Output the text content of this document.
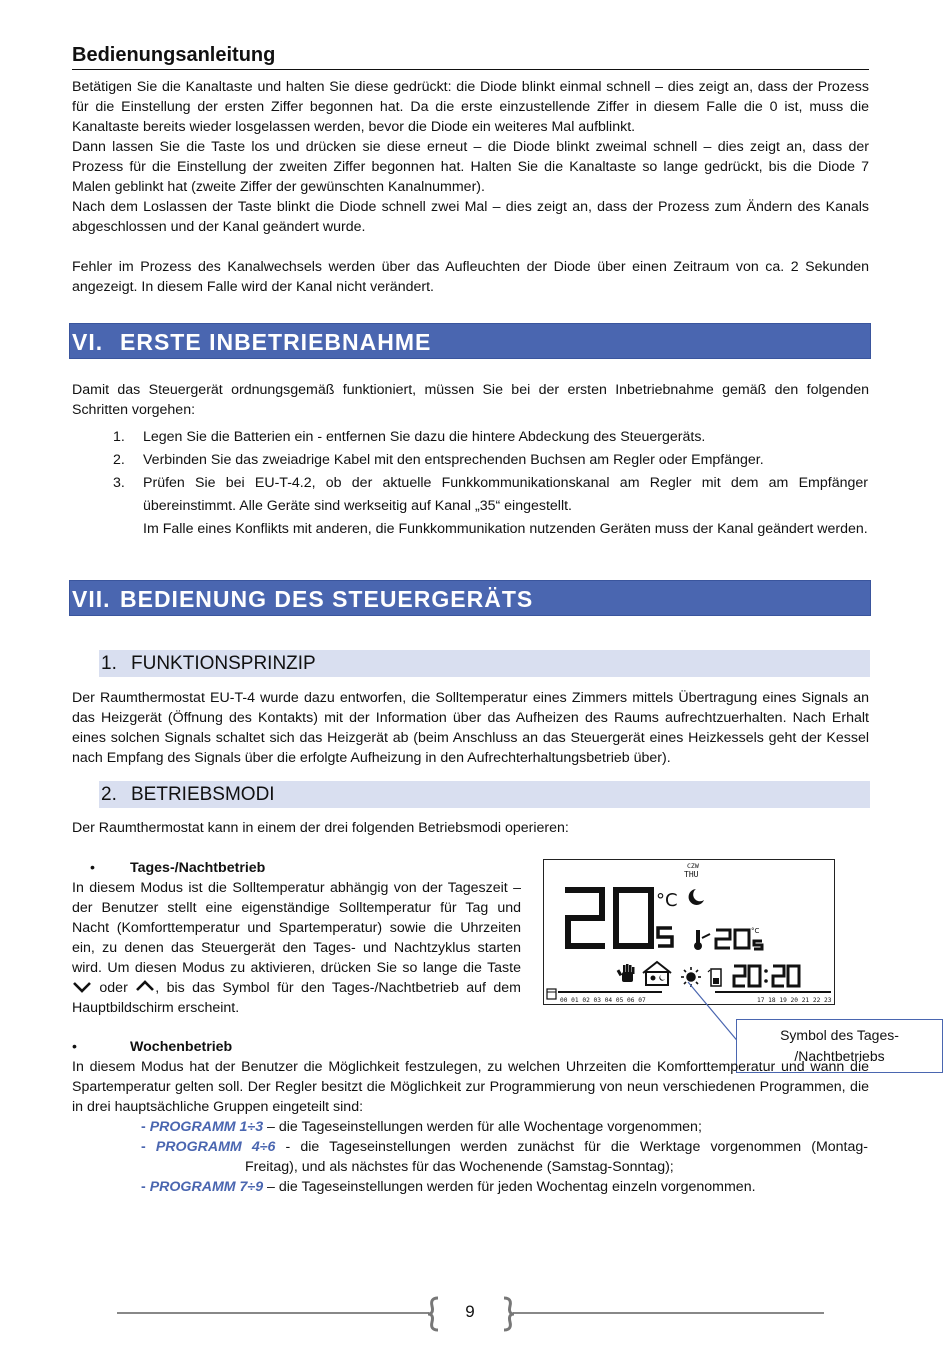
Bedienungsanleitung

Betätigen Sie die Kanaltaste und halten Sie diese gedrückt: die Diode blinkt einmal schnell – dies zeigt an, dass der Prozess für die Einstellung der ersten Ziffer begonnen hat. Da die erste einzustellende Ziffer in diesem Falle die 0 ist, muss die Kanaltaste bereits wieder losgelassen werden, bevor die Diode ein weiteres Mal aufblinkt.

Dann lassen Sie die Taste los und drücken sie diese erneut – die Diode blinkt zweimal schnell – dies zeigt an, dass der Prozess für die Einstellung der zweiten Ziffer begonnen hat. Halten Sie die Kanaltaste so lange gedrückt, bis die Diode 7 Malen geblinkt hat (zweite Ziffer der gewünschten Kanalnummer).

Nach dem Loslassen der Taste blinkt die Diode schnell zwei Mal – dies zeigt an, dass der Prozess zum Ändern des Kanals abgeschlossen und der Kanal geändert wurde.

Fehler im Prozess des Kanalwechsels werden über das Aufleuchten der Diode über einen Zeitraum von ca. 2 Sekunden angezeigt. In diesem Falle wird der Kanal nicht verändert.

VI. ERSTE INBETRIEBNAHME

Damit das Steuergerät ordnungsgemäß funktioniert, müssen Sie bei der ersten Inbetriebnahme gemäß den folgenden Schritten vorgehen:

1. Legen Sie die Batterien ein - entfernen Sie dazu die hintere Abdeckung des Steuergeräts.
2. Verbinden Sie das zweiadrige Kabel mit den entsprechenden Buchsen am Regler oder Empfänger.
3. Prüfen Sie bei EU-T-4.2, ob der aktuelle Funkkommunikationskanal am Regler mit dem am Empfänger übereinstimmt. Alle Geräte sind werkseitig auf Kanal „35“ eingestellt.
Im Falle eines Konflikts mit anderen, die Funkkommunikation nutzenden Geräten muss der Kanal geändert werden.
VII. BEDIENUNG DES STEUERGERÄTS
1. FUNKTIONSPRINZIP

Der Raumthermostat EU-T-4 wurde dazu entworfen, die Solltemperatur eines Zimmers mittels Übertragung eines Signals an das Heizgerät (Öffnung des Kontakts) mit der Information über das Aufheizen des Raums aufrechtzuerhalten. Nach Erhalt eines solchen Signals schaltet sich das Heizgerät ab (beim Anschluss an das Steuergerät eines Heizkessels geht der Kessel nach Empfang des Signals über die erfolgte Aufheizung in den Aufrechterhaltungsbetrieb über).

2. BETRIEBSMODI

Der Raumthermostat kann in einem der drei folgenden Betriebsmodi operieren:

• Tages-/Nachtbetrieb

In diesem Modus ist die Solltemperatur abhängig von der Tageszeit – der Benutzer stellt eine eigenständige Solltemperatur für Tag und Nacht (Komforttemperatur und Spartemperatur) sowie die Uhrzeiten ein, zu denen das Steuergerät den Tages- und Nachtzyklus starten wird. Um diesen Modus zu aktivieren, drücken Sie so lange die Taste  oder , bis das Symbol für den Tages-/Nachtbetrieb auf dem Hauptbildschirm erscheint.

CZW
THU
°C
°C
00 01 02 03 04 05 06 07	17 18 19 20 21 22 23
Symbol des Tages-
/Nachtbetriebs
•	Wochenbetrieb

In diesem Modus hat der Benutzer die Möglichkeit festzulegen, zu welchen Uhrzeiten die Komforttemperatur und wann die Spartemperatur gelten soll. Der Regler besitzt die Möglichkeit zur Programmierung von neun verschiedenen Programmen, die in drei hauptsächliche Gruppen eingeteilt sind:

- PROGRAMM 1÷3 – die Tageseinstellungen werden für alle Wochentage vorgenommen;
- PROGRAMM 4÷6 - die Tageseinstellungen werden zunächst für die Werktage vorgenommen (Montag-
Freitag), und als nächstes für das Wochenende (Samstag-Sonntag);
- PROGRAMM 7÷9 – die Tageseinstellungen werden für jeden Wochentag einzeln vorgenommen.
9
